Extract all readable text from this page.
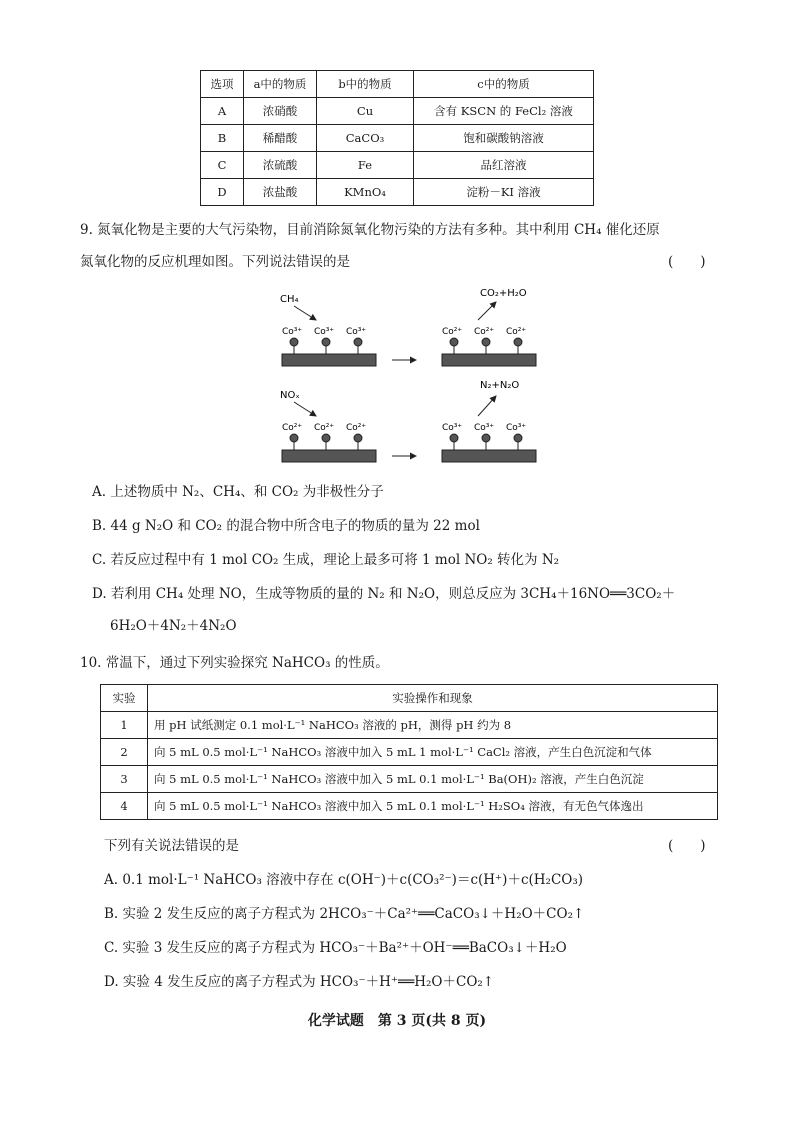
选项	a中的物质	b中的物质	c中的物质
A	浓硝酸	Cu	含有 KSCN 的 FeCl₂ 溶液
B	稀醋酸	CaCO₃	饱和碳酸钠溶液
C	浓硫酸	Fe	品红溶液
D	浓盐酸	KMnO₄	淀粉－KI 溶液
9. 氮氧化物是主要的大气污染物，目前消除氮氧化物污染的方法有多种。其中利用 CH₄ 催化还原
氮氧化物的反应机理如图。下列说法错误的是	(　　)
CH₄
Co³⁺ Co³⁺ Co³⁺
CO₂+H₂O
Co²⁺ Co²⁺ Co²⁺
NOₓ
Co²⁺ Co²⁺ Co²⁺
N₂+N₂O
Co³⁺ Co³⁺ Co³⁺
A. 上述物质中 N₂、CH₄、和 CO₂ 为非极性分子
B. 44 g N₂O 和 CO₂ 的混合物中所含电子的物质的量为 22 mol
C. 若反应过程中有 1 mol CO₂ 生成，理论上最多可将 1 mol NO₂ 转化为 N₂
D. 若利用 CH₄ 处理 NO，生成等物质的量的 N₂ 和 N₂O，则总反应为 3CH₄＋16NO══3CO₂＋
6H₂O＋4N₂＋4N₂O
10. 常温下，通过下列实验探究 NaHCO₃ 的性质。
实验	实验操作和现象
1	用 pH 试纸测定 0.1 mol·L⁻¹ NaHCO₃ 溶液的 pH，测得 pH 约为 8
2	向 5 mL 0.5 mol·L⁻¹ NaHCO₃ 溶液中加入 5 mL 1 mol·L⁻¹ CaCl₂ 溶液，产生白色沉淀和气体
3	向 5 mL 0.5 mol·L⁻¹ NaHCO₃ 溶液中加入 5 mL 0.1 mol·L⁻¹ Ba(OH)₂ 溶液，产生白色沉淀
4	向 5 mL 0.5 mol·L⁻¹ NaHCO₃ 溶液中加入 5 mL 0.1 mol·L⁻¹ H₂SO₄ 溶液，有无色气体逸出
下列有关说法错误的是	(　　)
A. 0.1 mol·L⁻¹ NaHCO₃ 溶液中存在 c(OH⁻)＋c(CO₃²⁻)＝c(H⁺)＋c(H₂CO₃)
B. 实验 2 发生反应的离子方程式为 2HCO₃⁻＋Ca²⁺══CaCO₃↓＋H₂O＋CO₂↑
C. 实验 3 发生反应的离子方程式为 HCO₃⁻＋Ba²⁺＋OH⁻══BaCO₃↓＋H₂O
D. 实验 4 发生反应的离子方程式为 HCO₃⁻＋H⁺══H₂O＋CO₂↑
化学试题　第 3 页(共 8 页)
